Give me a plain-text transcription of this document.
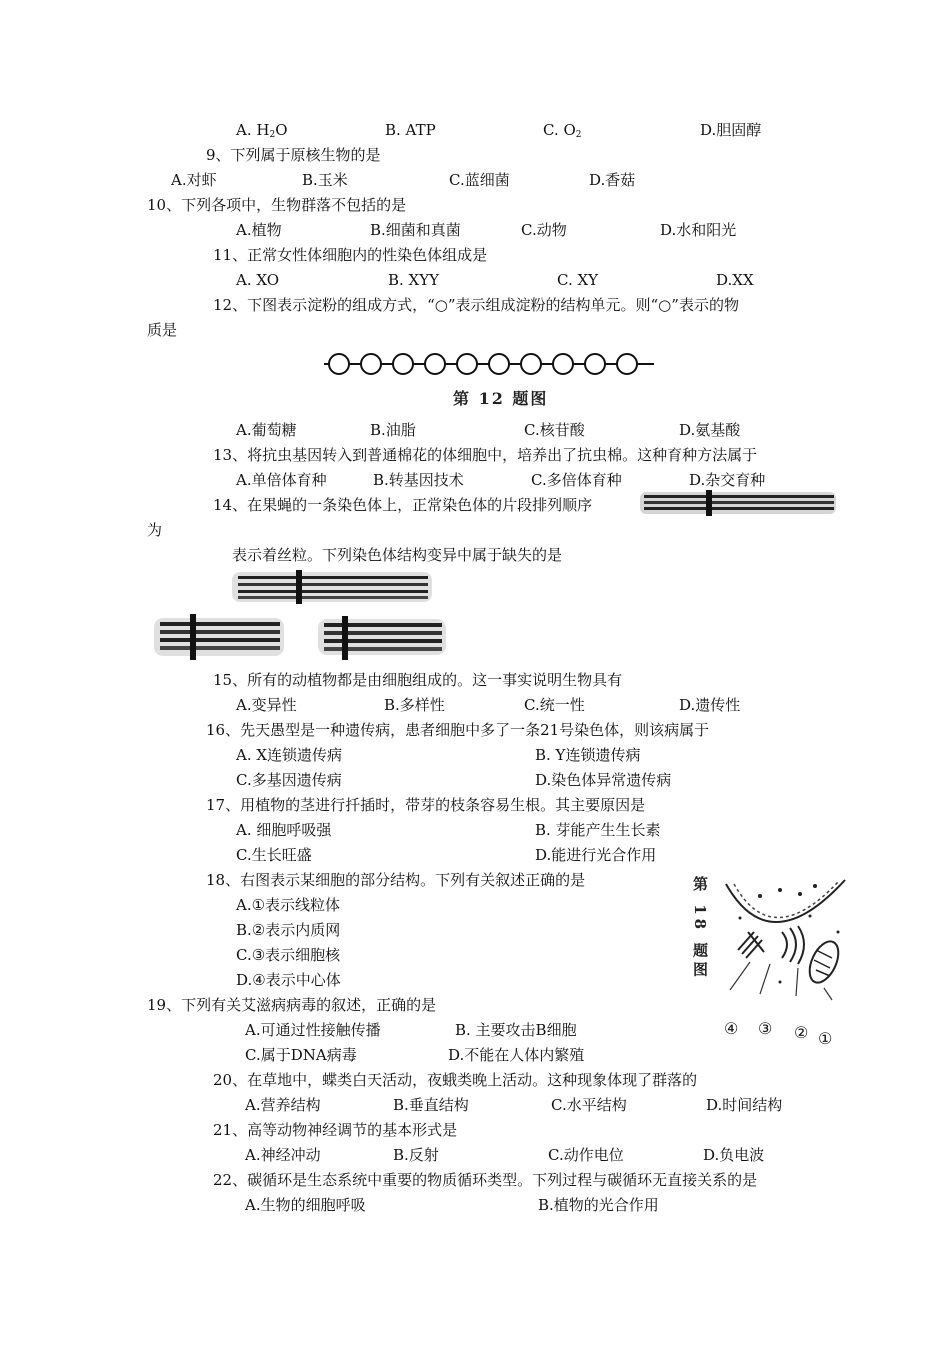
A. $H_2O$	B. ATP	C. $O_2$	D.胆固醇
9、下列属于原核生物的是
A.对虾	B.玉米	C.蓝细菌	D.香菇
10、下列各项中，生物群落不包括的是
A.植物	B.细菌和真菌	C.动物	D.水和阳光
11、正常女性体细胞内的性染色体组成是
A. XO	B. XYY	C. XY	D.XX
12、下图表示淀粉的组成方式，“○”表示组成淀粉的结构单元。则“○”表示的物
质是
第 12 题图
A.葡萄糖	B.油脂	C.核苷酸	D.氨基酸
13、将抗虫基因转入到普通棉花的体细胞中，培养出了抗虫棉。这种育种方法属于
A.单倍体育种	B.转基因技术	C.多倍体育种	D.杂交育种
14、在果蝇的一条染色体上，正常染色体的片段排列顺序
为
表示着丝粒。下列染色体结构变异中属于缺失的是
15、所有的动植物都是由细胞组成的。这一事实说明生物具有
A.变异性	B.多样性	C.统一性	D.遗传性
16、先天愚型是一种遗传病，患者细胞中多了一条21号染色体，则该病属于
A. X连锁遗传病	B. Y连锁遗传病
C.多基因遗传病	D.染色体异常遗传病
17、用植物的茎进行扦插时，带芽的枝条容易生根。其主要原因是
A. 细胞呼吸强	B. 芽能产生生长素
C.生长旺盛	D.能进行光合作用
18、右图表示某细胞的部分结构。下列有关叙述正确的是
A.①表示线粒体
B.②表示内质网
C.③表示细胞核
D.④表示中心体	第 18 题图
④ ③ ② ①
19、下列有关艾滋病病毒的叙述，正确的是
A.可通过性接触传播	B. 主要攻击B细胞
C.属于DNA病毒	D.不能在人体内繁殖
20、在草地中，蝶类白天活动，夜蛾类晚上活动。这种现象体现了群落的
A.营养结构	B.垂直结构	C.水平结构	D.时间结构
21、高等动物神经调节的基本形式是
A.神经冲动	B.反射	C.动作电位	D.负电波
22、碳循环是生态系统中重要的物质循环类型。下列过程与碳循环无直接关系的是
A.生物的细胞呼吸	B.植物的光合作用
